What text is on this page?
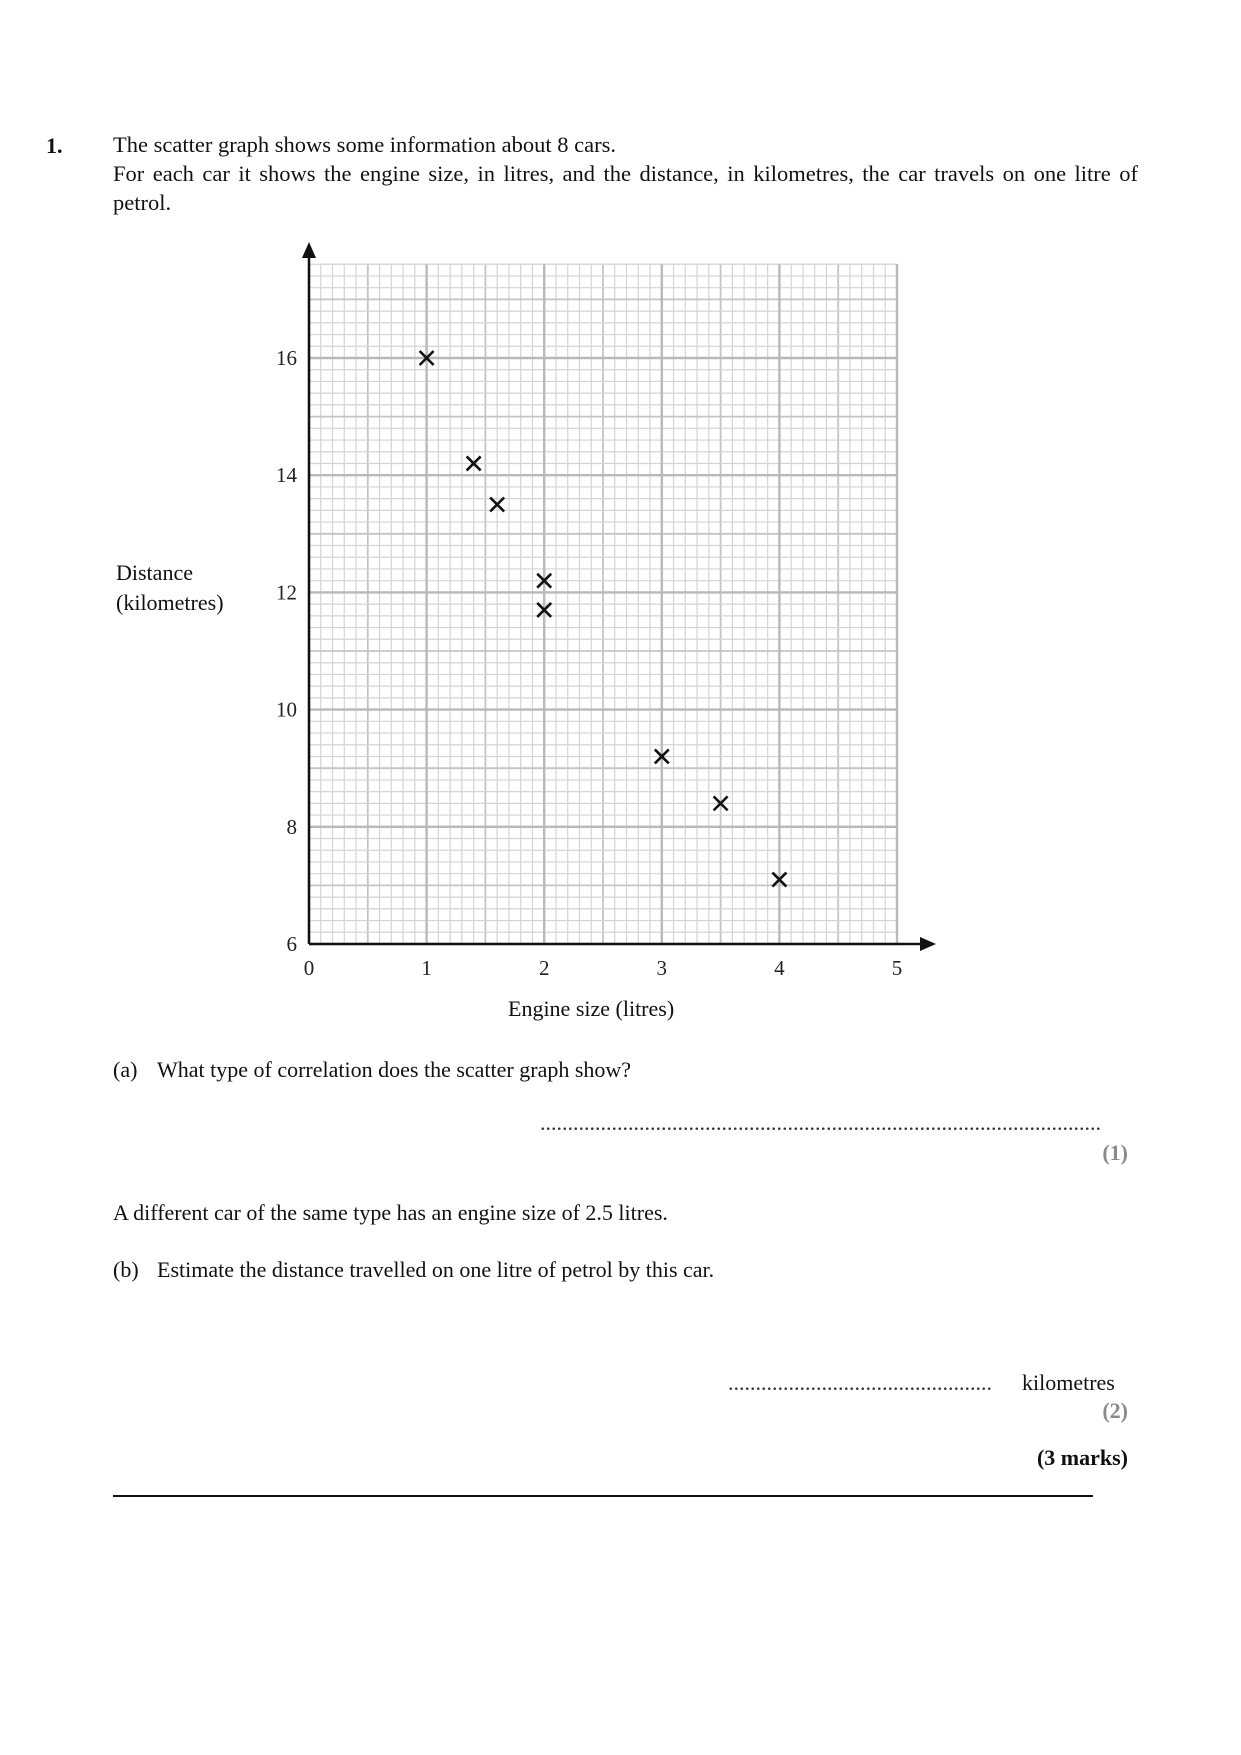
1. The scatter graph shows some information about 8 cars.

For each car it shows the engine size, in litres, and the distance, in kilometres, the car travels on one litre of petrol.

Distance
(kilometres)
0	1	2	3	4	5
6
8
10
12
14
16
Engine size (litres)
(a) What type of correlation does the scatter graph show?
......................................................................................................
(1)
A different car of the same type has an engine size of 2.5 litres.
(b) Estimate the distance travelled on one litre of petrol by this car.
................................................	kilometres
(2)
(3 marks)
